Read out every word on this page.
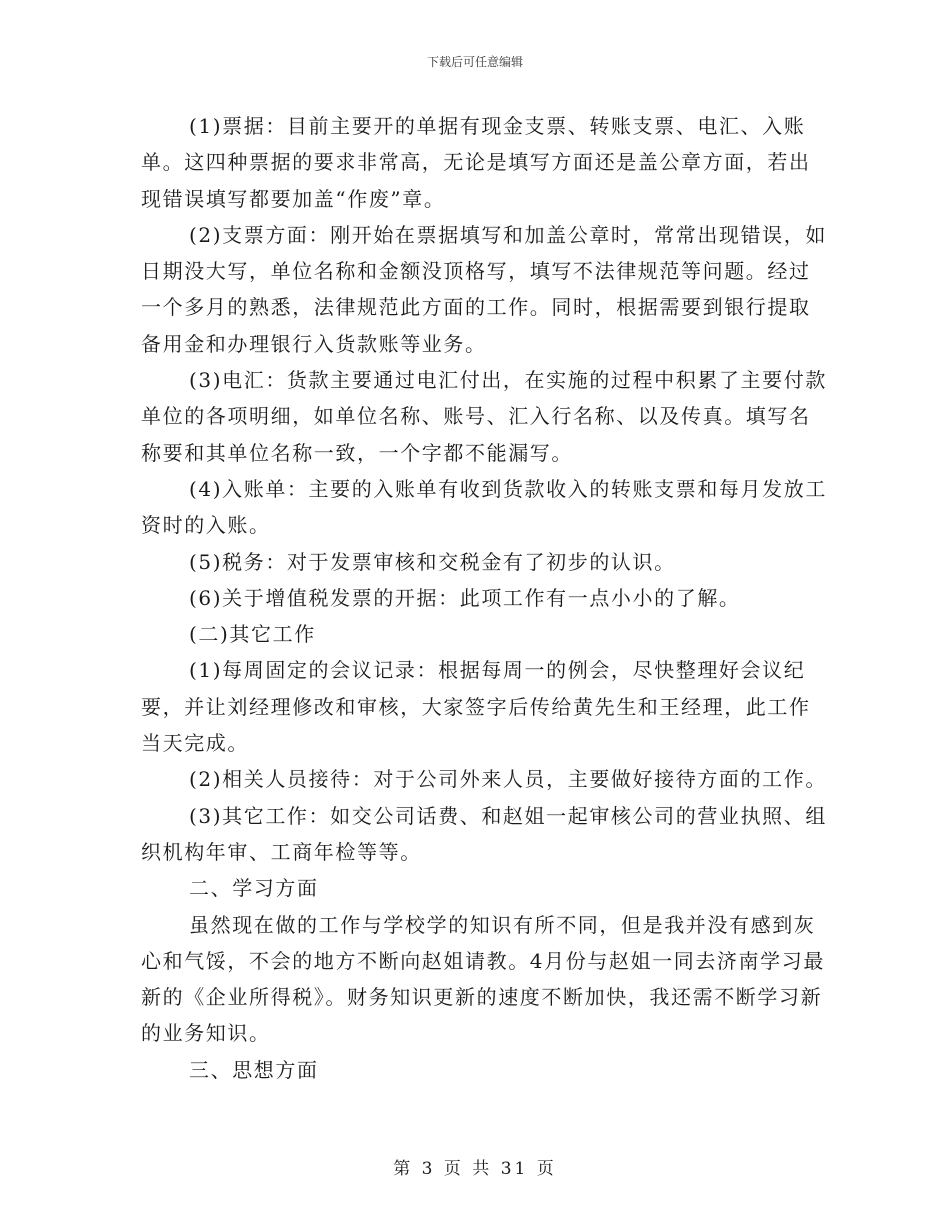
下载后可任意编辑

(1)票据：目前主要开的单据有现金支票、转账支票、电汇、入账单。这四种票据的要求非常高，无论是填写方面还是盖公章方面，若出现错误填写都要加盖“作废”章。

(2)支票方面：刚开始在票据填写和加盖公章时，常常出现错误，如日期没大写，单位名称和金额没顶格写，填写不法律规范等问题。经过一个多月的熟悉，法律规范此方面的工作。同时，根据需要到银行提取备用金和办理银行入货款账等业务。

(3)电汇：货款主要通过电汇付出，在实施的过程中积累了主要付款单位的各项明细，如单位名称、账号、汇入行名称、以及传真。填写名称要和其单位名称一致，一个字都不能漏写。

(4)入账单：主要的入账单有收到货款收入的转账支票和每月发放工资时的入账。

(5)税务：对于发票审核和交税金有了初步的认识。

(6)关于增值税发票的开据：此项工作有一点小小的了解。

(二)其它工作

(1)每周固定的会议记录：根据每周一的例会，尽快整理好会议纪要，并让刘经理修改和审核，大家签字后传给黄先生和王经理，此工作当天完成。

(2)相关人员接待：对于公司外来人员，主要做好接待方面的工作。

(3)其它工作：如交公司话费、和赵姐一起审核公司的营业执照、组织机构年审、工商年检等等。

二、学习方面

虽然现在做的工作与学校学的知识有所不同，但是我并没有感到灰心和气馁，不会的地方不断向赵姐请教。4月份与赵姐一同去济南学习最新的《企业所得税》。财务知识更新的速度不断加快，我还需不断学习新的业务知识。

三、思想方面

第 3 页 共 31 页
